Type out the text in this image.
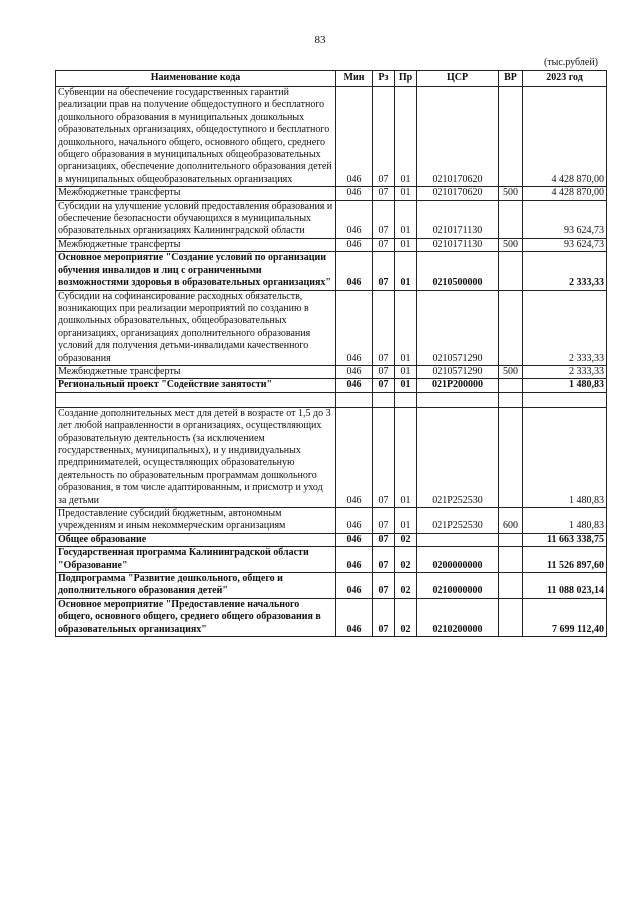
83
(тыс.рублей)
Наименование кода	Мин	Рз	Пр	ЦСР	ВР	2023 год
Субвенции на обеспечение государственных гарантий реализации прав на получение общедоступного и бесплатного дошкольного образования в муниципальных дошкольных образовательных организациях, общедоступного и бесплатного дошкольного, начального общего, основного общего, среднего общего образования в муниципальных общеобразовательных организациях, обеспечение дополнительного образования детей в муниципальных общеобразовательных организациях	046	07	01	0210170620		4 428 870,00
Межбюджетные трансферты	046	07	01	0210170620	500	4 428 870,00
Субсидии на улучшение условий предоставления образования и обеспечение безопасности обучающихся в муниципальных образовательных организациях Калининградской области	046	07	01	0210171130		93 624,73
Межбюджетные трансферты	046	07	01	0210171130	500	93 624,73
Основное мероприятие "Создание условий по организации обучения инвалидов и лиц с ограниченными возможностями здоровья в образовательных организациях"	046	07	01	0210500000		2 333,33
Субсидии на софинансирование расходных обязательств, возникающих при реализации мероприятий по созданию в дошкольных образовательных, общеобразовательных организациях, организациях дополнительного образования условий для получения детьми-инвалидами качественного образования	046	07	01	0210571290		2 333,33
Межбюджетные трансферты	046	07	01	0210571290	500	2 333,33
Региональный проект "Содействие занятости"	046	07	01	021Р200000		1 480,83

Создание дополнительных мест для детей в возрасте от 1,5 до 3 лет любой направленности в организациях, осуществляющих образовательную деятельность (за исключением государственных, муниципальных), и у индивидуальных предпринимателей, осуществляющих образовательную деятельность по образовательным программам дошкольного образования, в том числе адаптированным, и присмотр и уход за детьми	046	07	01	021Р252530		1 480,83
Предоставление субсидий бюджетным, автономным учреждениям и иным некоммерческим организациям	046	07	01	021Р252530	600	1 480,83
Общее образование	046	07	02			11 663 338,75
Государственная программа Калининградской области "Образование"	046	07	02	0200000000		11 526 897,60
Подпрограмма "Развитие дошкольного, общего и дополнительного образования детей"	046	07	02	0210000000		11 088 023,14
Основное мероприятие "Предоставление начального общего, основного общего, среднего общего образования в образовательных организациях"	046	07	02	0210200000		7 699 112,40
